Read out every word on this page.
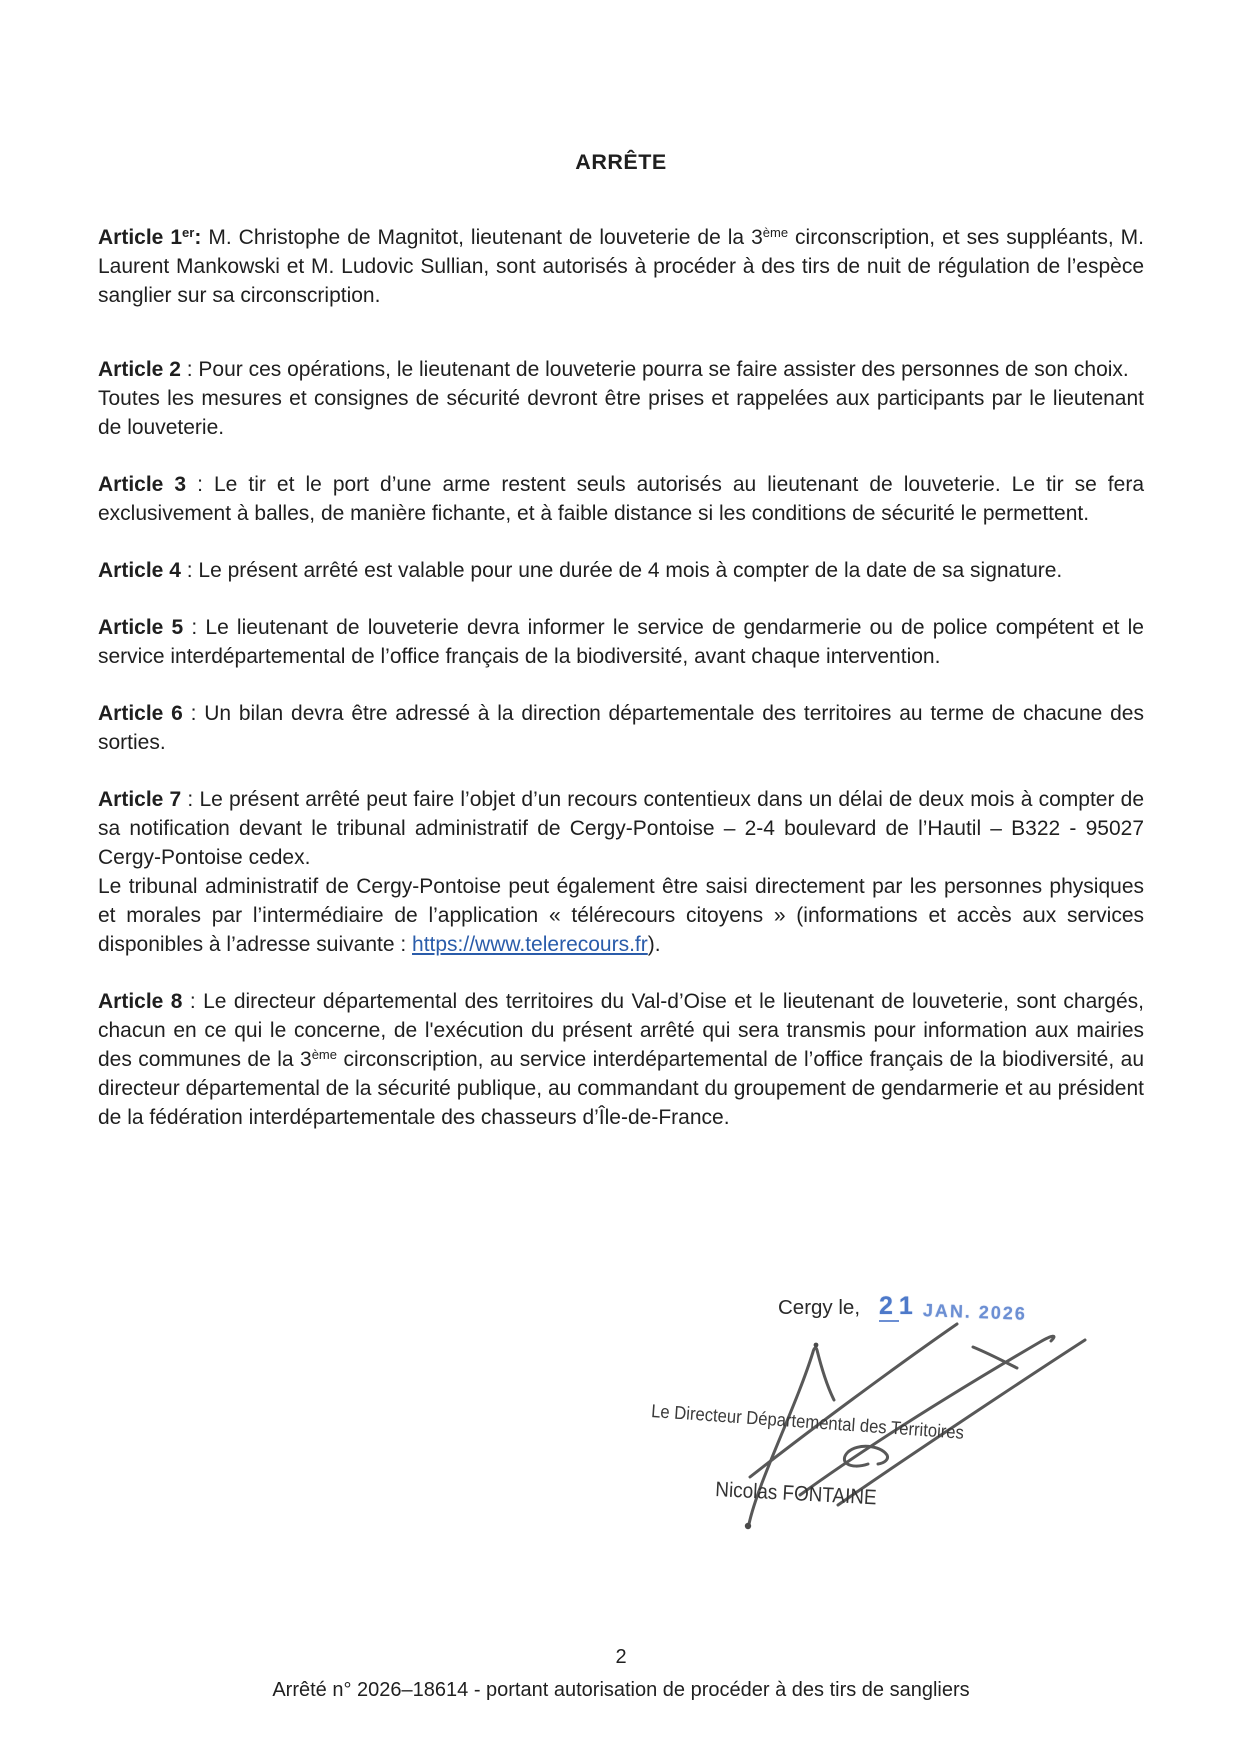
ARRÊTE

Article 1er: M. Christophe de Magnitot, lieutenant de louveterie de la 3ème circonscription, et ses suppléants, M. Laurent Mankowski et M. Ludovic Sullian, sont autorisés à procéder à des tirs de nuit de régulation de l’espèce sanglier sur sa circonscription.

Article 2 : Pour ces opérations, le lieutenant de louveterie pourra se faire assister des personnes de son choix.

Toutes les mesures et consignes de sécurité devront être prises et rappelées aux participants par le lieutenant de louveterie.

Article 3 : Le tir et le port d’une arme restent seuls autorisés au lieutenant de louveterie. Le tir se fera exclusivement à balles, de manière fichante, et à faible distance si les conditions de sécurité le permettent.

Article 4 : Le présent arrêté est valable pour une durée de 4 mois à compter de la date de sa signature.

Article 5 : Le lieutenant de louveterie devra informer le service de gendarmerie ou de police compétent et le service interdépartemental de l’office français de la biodiversité, avant chaque intervention.

Article 6 : Un bilan devra être adressé à la direction départementale des territoires au terme de chacune des sorties.

Article 7 : Le présent arrêté peut faire l’objet d’un recours contentieux dans un délai de deux mois à compter de sa notification devant le tribunal administratif de Cergy-Pontoise – 2-4 boulevard de l’Hautil – B322 - 95027 Cergy-Pontoise cedex.

Le tribunal administratif de Cergy-Pontoise peut également être saisi directement par les personnes physiques et morales par l’intermédiaire de l’application « télérecours citoyens » (informations et accès aux services disponibles à l’adresse suivante : https://www.telerecours.fr).

Article 8 : Le directeur départemental des territoires du Val-d’Oise et le lieutenant de louveterie, sont chargés, chacun en ce qui le concerne, de l'exécution du présent arrêté qui sera transmis pour information aux mairies des communes de la 3ème circonscription, au service interdépartemental de l’office français de la biodiversité, au directeur départemental de la sécurité publique, au commandant du groupement de gendarmerie et au président de la fédération interdépartementale des chasseurs d’Île-de-France.

Cergy le, 21 JAN. 2026
Le Directeur Départemental des Territoires
Nicolas FONTAINE
2
Arrêté n° 2026–18614 - portant autorisation de procéder à des tirs de sangliers
